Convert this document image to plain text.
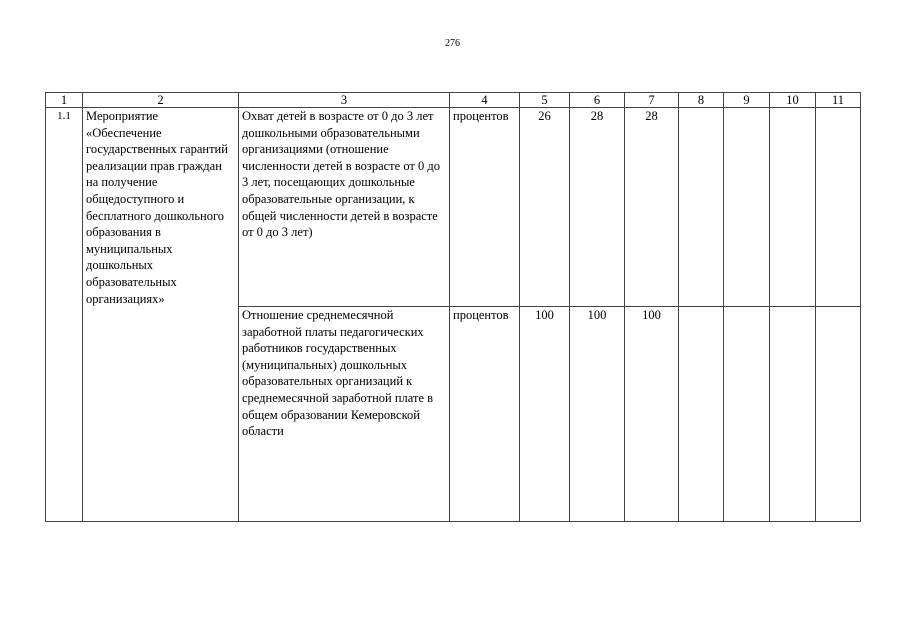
276
1	2	3	4	5	6	7	8	9	10	11
1.1	Мероприятие «Обеспечение государственных гарантий реализации прав граждан на получение общедоступного и бесплатного дошкольного образования в муниципальных дошкольных образовательных организациях»	Охват детей в возрасте от 0 до 3 лет дошкольными образовательными организациями (отношение численности детей в возрасте от 0 до 3 лет, посещающих дошкольные образовательные организации, к общей численности детей в возрасте от 0 до 3 лет)	процентов	26	28	28				
		Отношение среднемесячной заработной платы педагогических работников государственных (муниципальных) дошкольных образовательных организаций к среднемесячной заработной плате в общем образовании Кемеровской области	процентов	100	100	100				
